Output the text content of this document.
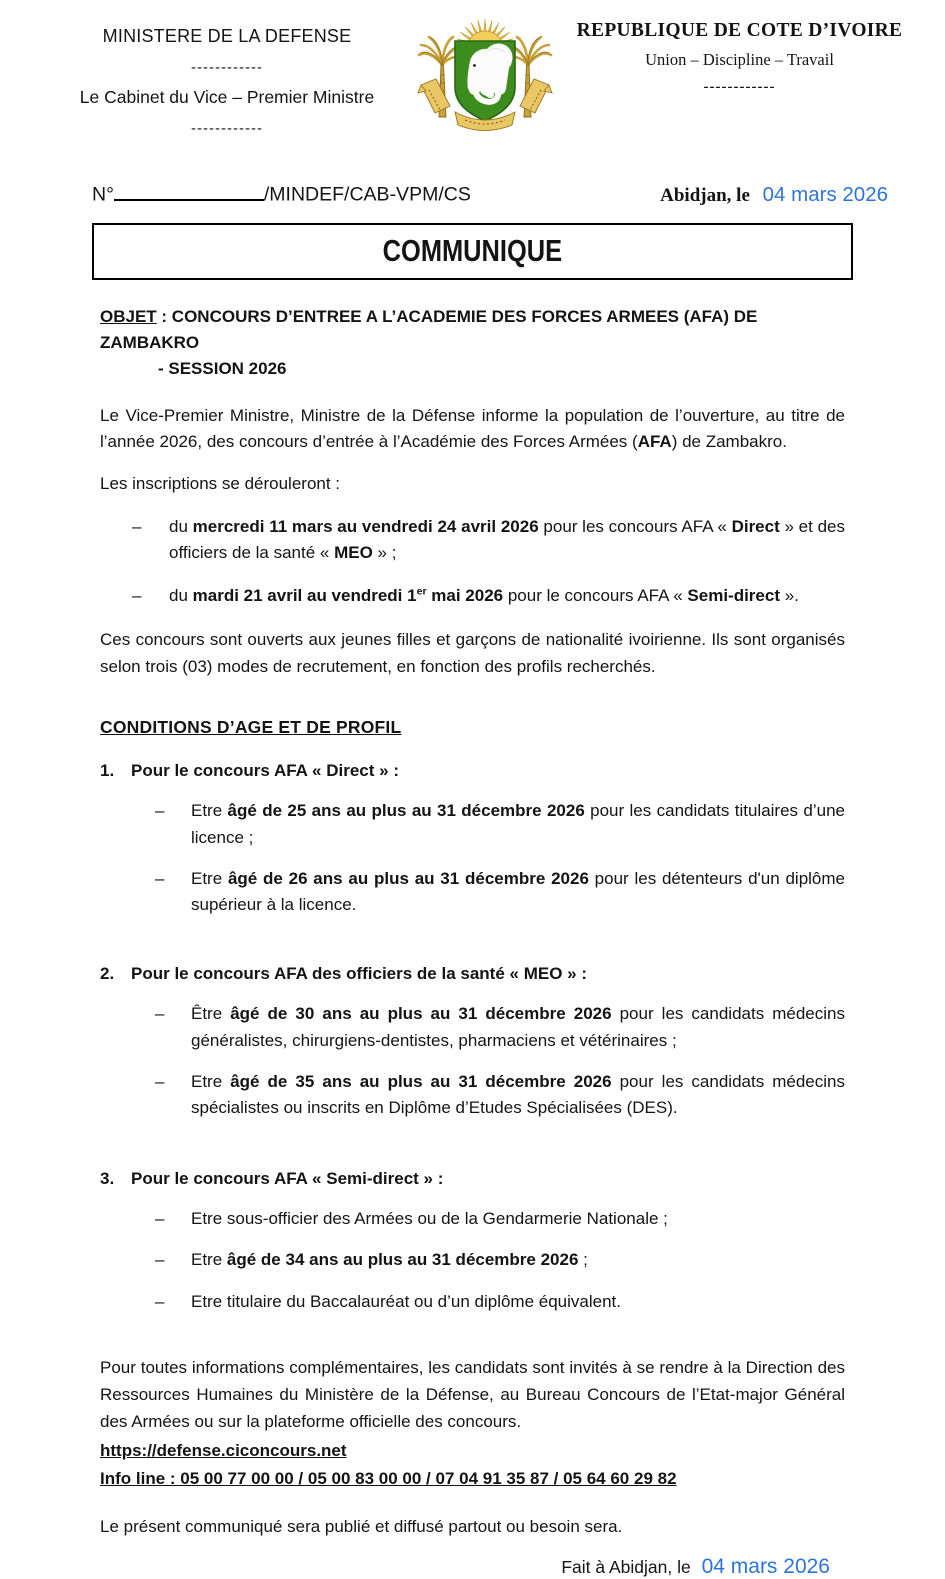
MINISTERE DE LA DEFENSE
------------
Le Cabinet du Vice – Premier Ministre
------------
REPUBLIQUE DE COTE D’IVOIRE
Union – Discipline – Travail
------------
N°	/MINDEF/CAB-VPM/CS	Abidjan, le 04 mars 2026
COMMUNIQUE
OBJET : CONCOURS D’ENTREE A L’ACADEMIE DES FORCES ARMEES (AFA) DE ZAMBAKRO
- SESSION 2026

Le Vice-Premier Ministre, Ministre de la Défense informe la population de l’ouverture, au titre de l’année 2026, des concours d’entrée à l’Académie des Forces Armées (AFA) de Zambakro.

Les inscriptions se dérouleront :

–	du mercredi 11 mars au vendredi 24 avril 2026 pour les concours AFA « Direct » et des officiers de la santé « MEO » ;
–	du mardi 21 avril au vendredi 1er mai 2026 pour le concours AFA « Semi-direct ».

Ces concours sont ouverts aux jeunes filles et garçons de nationalité ivoirienne. Ils sont organisés selon trois (03) modes de recrutement, en fonction des profils recherchés.

CONDITIONS D’AGE ET DE PROFIL
1. Pour le concours AFA « Direct » :
–	Etre âgé de 25 ans au plus au 31 décembre 2026 pour les candidats titulaires d’une licence ;
–	Etre âgé de 26 ans au plus au 31 décembre 2026 pour les détenteurs d'un diplôme supérieur à la licence.
2. Pour le concours AFA des officiers de la santé « MEO » :
–	Être âgé de 30 ans au plus au 31 décembre 2026 pour les candidats médecins généralistes, chirurgiens-dentistes, pharmaciens et vétérinaires ;
–	Etre âgé de 35 ans au plus au 31 décembre 2026 pour les candidats médecins spécialistes ou inscrits en Diplôme d’Etudes Spécialisées (DES).
3. Pour le concours AFA « Semi-direct » :
–	Etre sous-officier des Armées ou de la Gendarmerie Nationale ;
–	Etre âgé de 34 ans au plus au 31 décembre 2026 ;
–	Etre titulaire du Baccalauréat ou d’un diplôme équivalent.

Pour toutes informations complémentaires, les candidats sont invités à se rendre à la Direction des Ressources Humaines du Ministère de la Défense, au Bureau Concours de l’Etat-major Général des Armées ou sur la plateforme officielle des concours.

https://defense.ciconcours.net
Info line : 05 00 77 00 00 / 05 00 83 00 00 / 07 04 91 35 87 / 05 64 60 29 82

Le présent communiqué sera publié et diffusé partout ou besoin sera.

Fait à Abidjan, le 04 mars 2026
